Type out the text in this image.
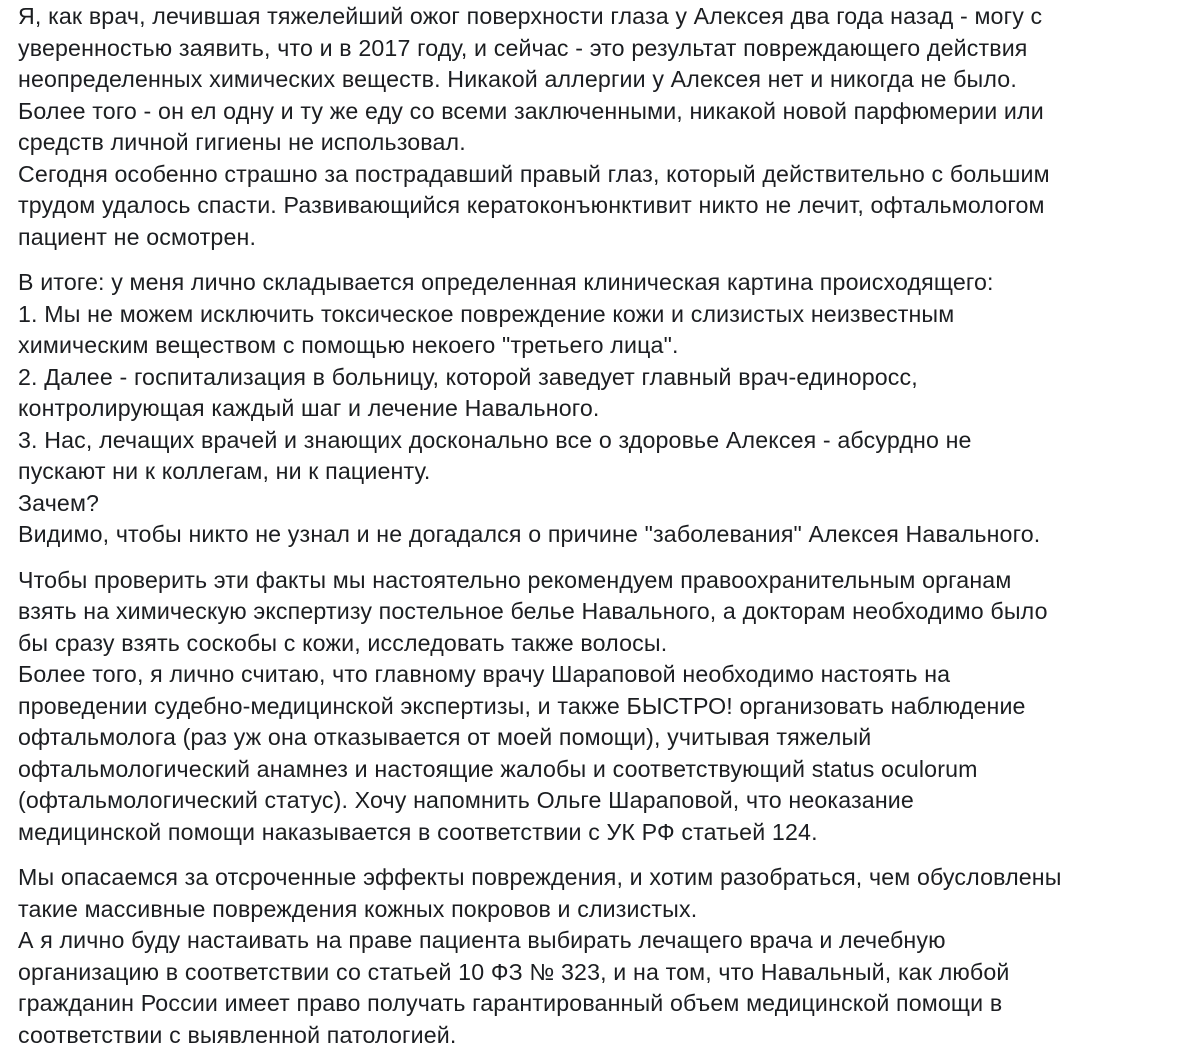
Я, как врач, лечившая тяжелейший ожог поверхности глаза у Алексея два года назад - могу с
уверенностью заявить, что и в 2017 году, и сейчас - это результат повреждающего действия
неопределенных химических веществ. Никакой аллергии у Алексея нет и никогда не было.
Более того - он ел одну и ту же еду со всеми заключенными, никакой новой парфюмерии или
средств личной гигиены не использовал.
Сегодня особенно страшно за пострадавший правый глаз, который действительно с большим
трудом удалось спасти. Развивающийся кератоконъюнктивит никто не лечит, офтальмологом
пациент не осмотрен.

В итоге: у меня лично складывается определенная клиническая картина происходящего:
1. Мы не можем исключить токсическое повреждение кожи и слизистых неизвестным
химическим веществом с помощью некоего "третьего лица".
2. Далее - госпитализация в больницу, которой заведует главный врач-единоросс,
контролирующая каждый шаг и лечение Навального.
3. Нас, лечащих врачей и знающих досконально все о здоровье Алексея - абсурдно не
пускают ни к коллегам, ни к пациенту.
Зачем?
Видимо, чтобы никто не узнал и не догадался о причине "заболевания" Алексея Навального.

Чтобы проверить эти факты мы настоятельно рекомендуем правоохранительным органам
взять на химическую экспертизу постельное белье Навального, а докторам необходимо было
бы сразу взять соскобы с кожи, исследовать также волосы.
Более того, я лично считаю, что главному врачу Шараповой необходимо настоять на
проведении судебно-медицинской экспертизы, и также БЫСТРО! организовать наблюдение
офтальмолога (раз уж она отказывается от моей помощи), учитывая тяжелый
офтальмологический анамнез и настоящие жалобы и соответствующий status oculorum
(офтальмологический статус). Хочу напомнить Ольге Шараповой, что неоказание
медицинской помощи наказывается в соответствии с УК РФ статьей 124.

Мы опасаемся за отсроченные эффекты повреждения, и хотим разобраться, чем обусловлены
такие массивные повреждения кожных покровов и слизистых.
А я лично буду настаивать на праве пациента выбирать лечащего врача и лечебную
организацию в соответствии со статьей 10 ФЗ № 323, и на том, что Навальный, как любой
гражданин России имеет право получать гарантированный объем медицинской помощи в
соответствии с выявленной патологией.
